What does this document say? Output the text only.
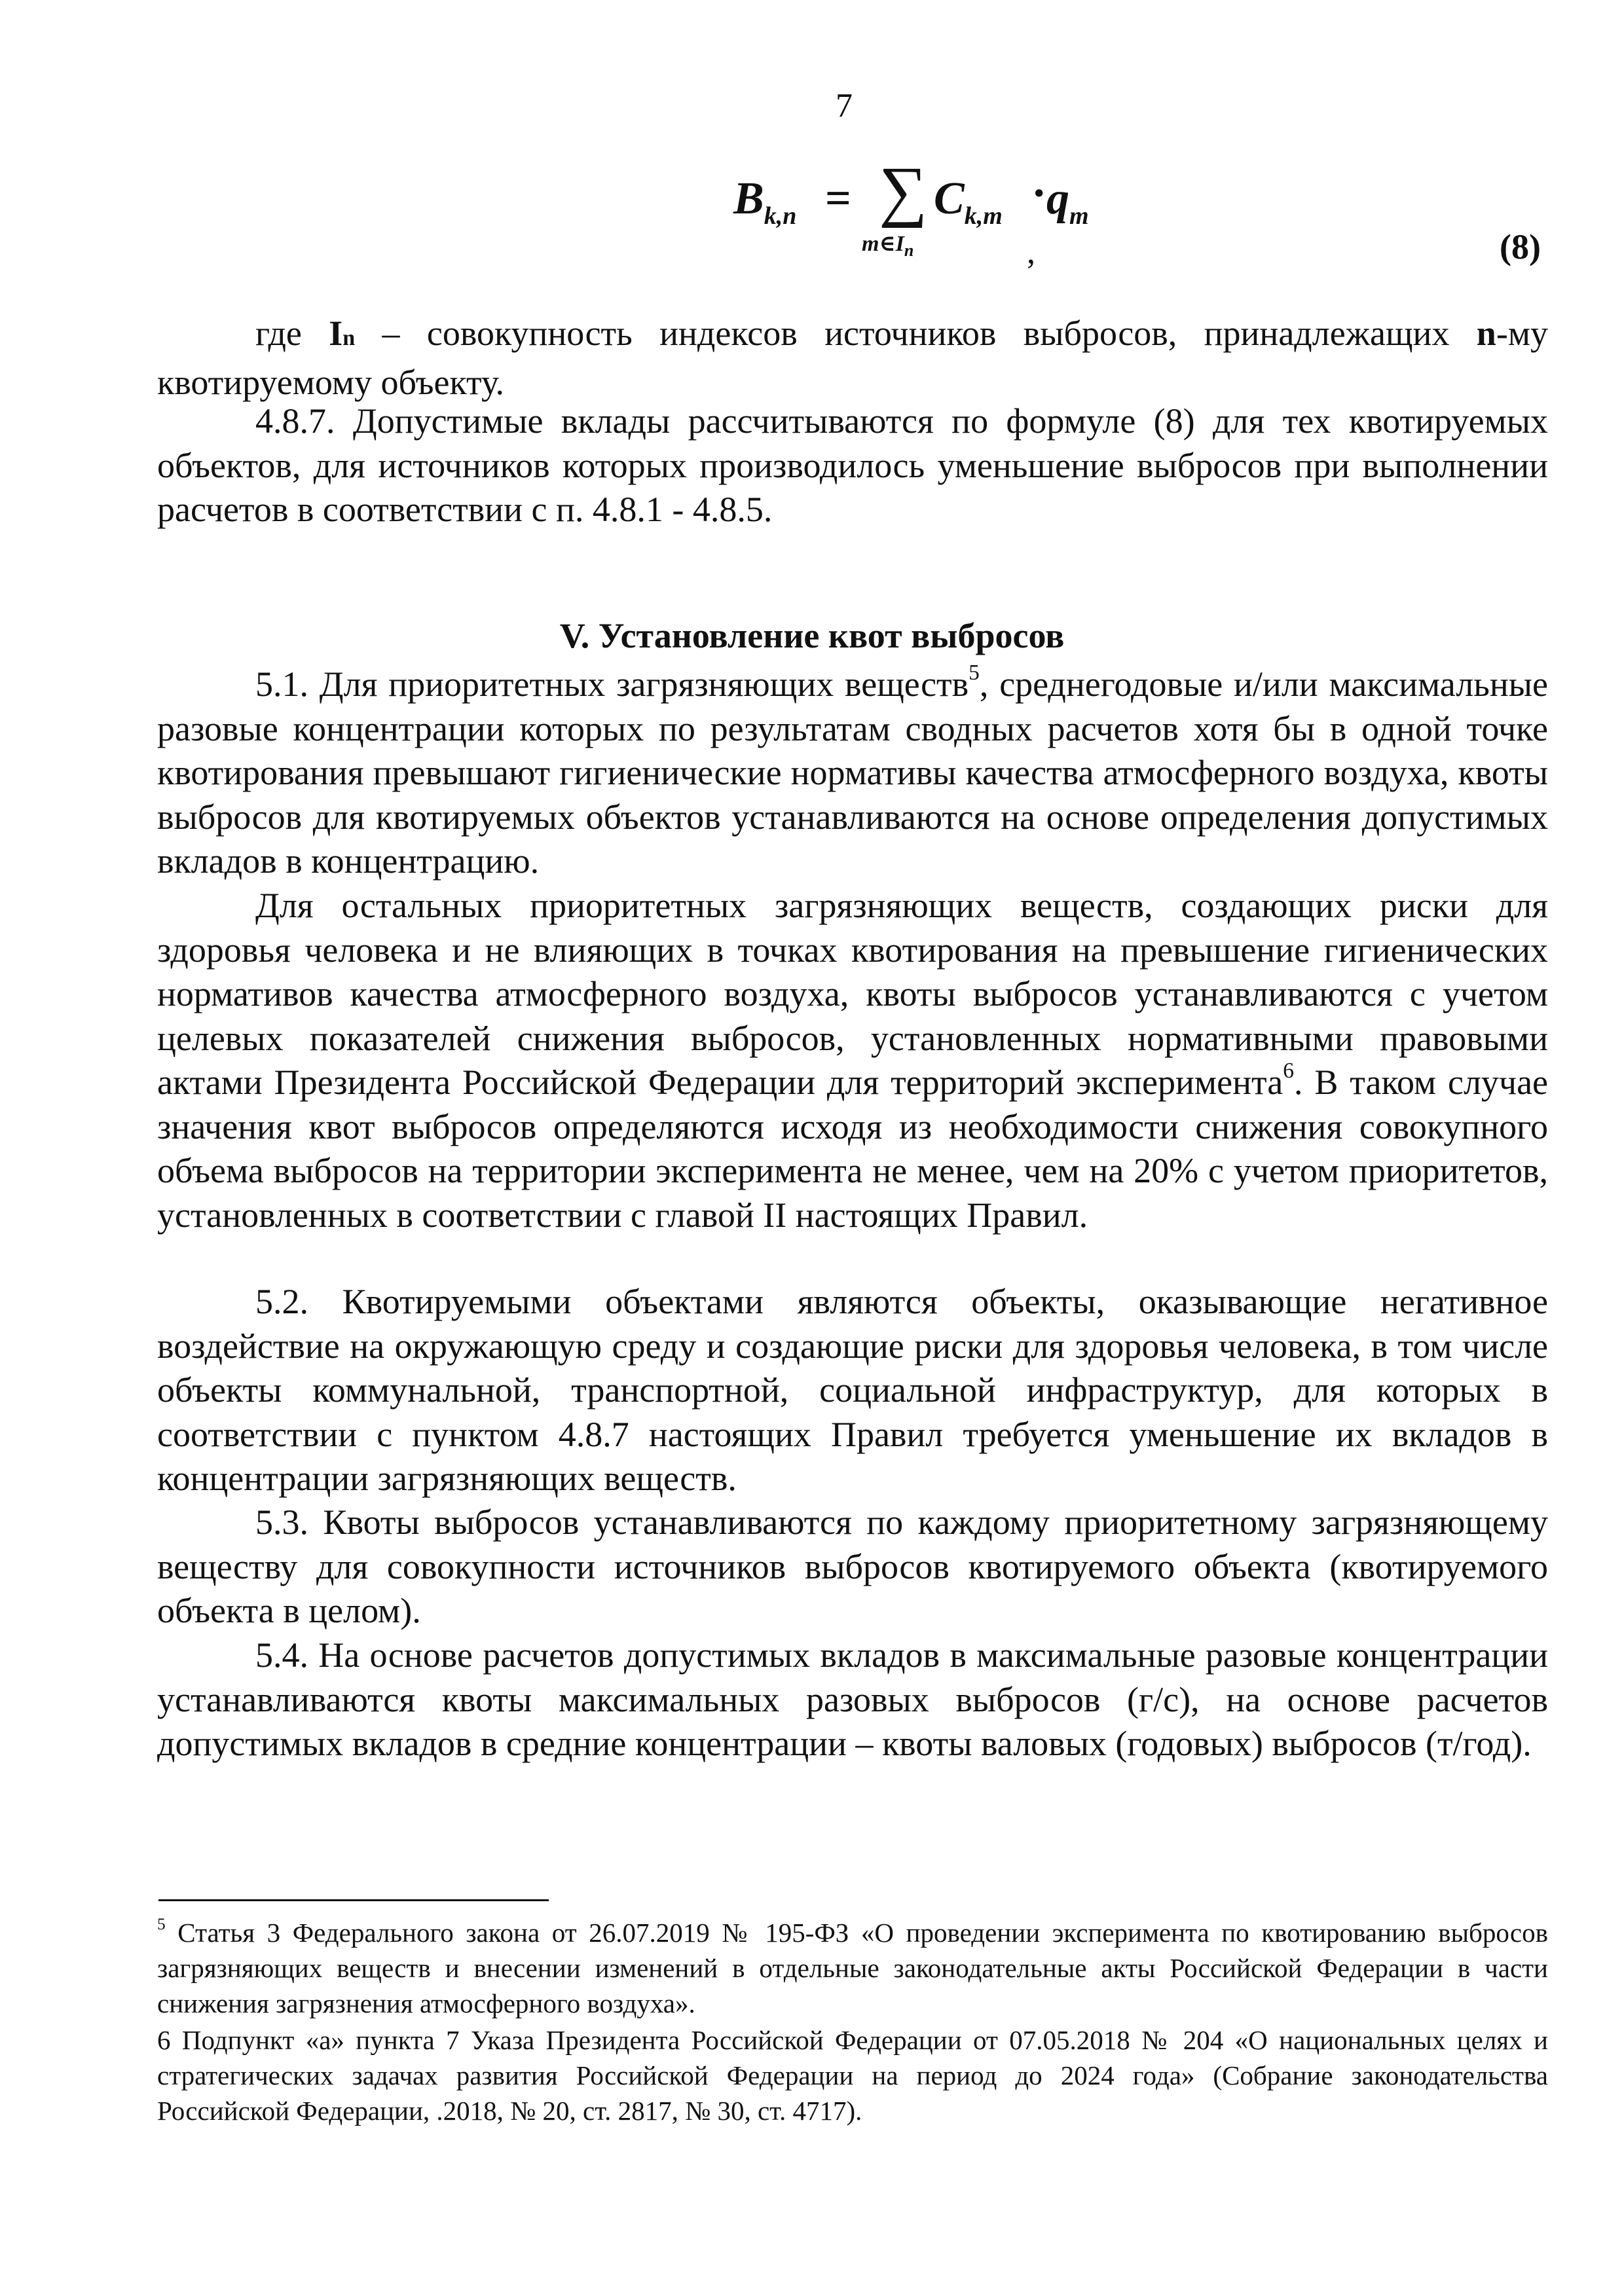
7
$B_{k,n}$ = ∑
$m\in I_n$
$C_{k,m} \cdot q_m$
,	(8)

где In – совокупность индексов источников выбросов, принадлежащих n-му квотируемому объекту.

4.8.7. Допустимые вклады рассчитываются по формуле (8) для тех квотируемых объектов, для источников которых производилось уменьшение выбросов при выполнении расчетов в соответствии с п. 4.8.1 - 4.8.5.

V. Установление квот выбросов

5.1. Для приоритетных загрязняющих веществ$^5$, среднегодовые и/или максимальные разовые концентрации которых по результатам сводных расчетов хотя бы в одной точке квотирования превышают гигиенические нормативы качества атмосферного воздуха, квоты выбросов для квотируемых объектов устанавливаются на основе определения допустимых вкладов в концентрацию.

Для остальных приоритетных загрязняющих веществ, создающих риски для здоровья человека и не влияющих в точках квотирования на превышение гигиенических нормативов качества атмосферного воздуха, квоты выбросов устанавливаются с учетом целевых показателей снижения выбросов, установленных нормативными правовыми актами Президента Российской Федерации для территорий эксперимента$^6$. В таком случае значения квот выбросов определяются исходя из необходимости снижения совокупного объема выбросов на территории эксперимента не менее, чем на 20% с учетом приоритетов, установленных в соответствии с главой II настоящих Правил.

5.2. Квотируемыми объектами являются объекты, оказывающие негативное воздействие на окружающую среду и создающие риски для здоровья человека, в том числе объекты коммунальной, транспортной, социальной инфраструктур, для которых в соответствии с пунктом 4.8.7 настоящих Правил требуется уменьшение их вкладов в концентрации загрязняющих веществ.

5.3. Квоты выбросов устанавливаются по каждому приоритетному загрязняющему веществу для совокупности источников выбросов квотируемого объекта (квотируемого объекта в целом).

5.4. На основе расчетов допустимых вкладов в максимальные разовые концентрации устанавливаются квоты максимальных разовых выбросов (г/с), на основе расчетов допустимых вкладов в средние концентрации – квоты валовых (годовых) выбросов (т/год).

$^5$ Статья 3 Федерального закона от 26.07.2019 № 195-ФЗ «О проведении эксперимента по квотированию выбросов загрязняющих веществ и внесении изменений в отдельные законодательные акты Российской Федерации в части снижения загрязнения атмосферного воздуха».

6 Подпункт «а» пункта 7 Указа Президента Российской Федерации от 07.05.2018 № 204 «О национальных целях и стратегических задачах развития Российской Федерации на период до 2024 года» (Собрание законодательства Российской Федерации, .2018, № 20, ст. 2817, № 30, ст. 4717).
